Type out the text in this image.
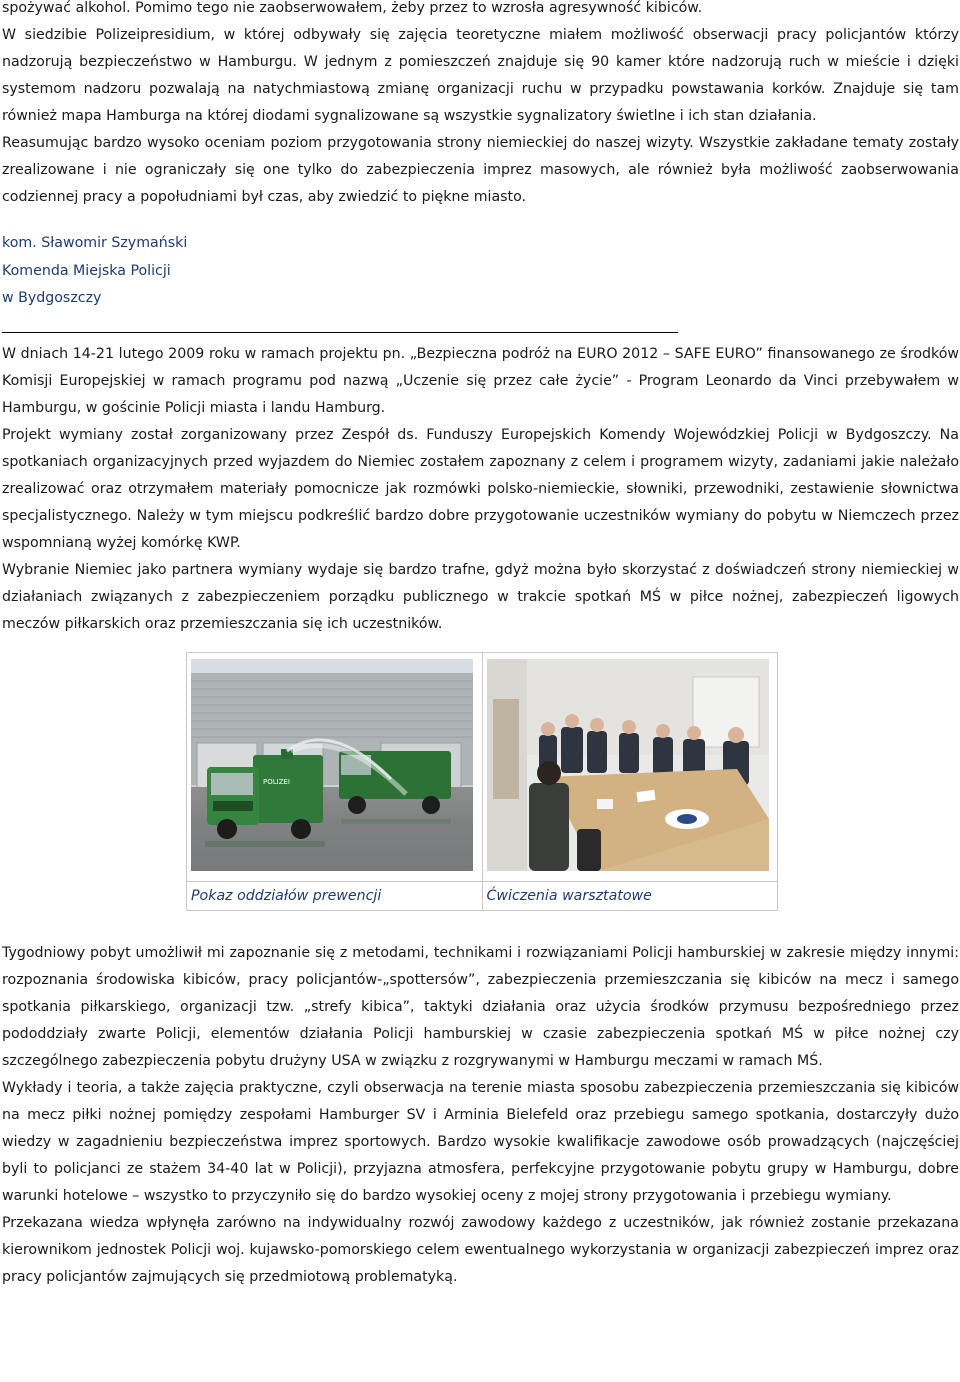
spożywać alkohol. Pomimo tego nie zaobserwowałem, żeby przez to wzrosła agresywność kibiców.

W siedzibie Polizeipresidium, w której odbywały się zajęcia teoretyczne miałem możliwość obserwacji pracy policjantów którzy nadzorują bezpieczeństwo w Hamburgu. W jednym z pomieszczeń znajduje się 90 kamer które nadzorują ruch w mieście i dzięki systemom nadzoru pozwalają na natychmiastową zmianę organizacji ruchu w przypadku powstawania korków. Znajduje się tam również mapa Hamburga na której diodami sygnalizowane są wszystkie sygnalizatory świetlne i ich stan działania.

Reasumując bardzo wysoko oceniam poziom przygotowania strony niemieckiej do naszej wizyty. Wszystkie zakładane tematy zostały zrealizowane i nie ograniczały się one tylko do zabezpieczenia imprez masowych, ale również była możliwość zaobserwowania codziennej pracy a popołudniami był czas, aby zwiedzić to piękne miasto.

kom. Sławomir Szymański
Komenda Miejska Policji
w Bydgoszczy

W dniach 14-21 lutego 2009 roku w ramach projektu pn. „Bezpieczna podróż na EURO 2012 – SAFE EURO” finansowanego ze środków Komisji Europejskiej w ramach programu pod nazwą „Uczenie się przez całe życie” - Program Leonardo da Vinci przebywałem w Hamburgu, w gościnie Policji miasta i landu Hamburg.

Projekt wymiany został zorganizowany przez Zespół ds. Funduszy Europejskich Komendy Wojewódzkiej Policji w Bydgoszczy. Na spotkaniach organizacyjnych przed wyjazdem do Niemiec zostałem zapoznany z celem i programem wizyty, zadaniami jakie należało zrealizować oraz otrzymałem materiały pomocnicze jak rozmówki polsko-niemieckie, słowniki, przewodniki, zestawienie słownictwa specjalistycznego. Należy w tym miejscu podkreślić bardzo dobre przygotowanie uczestników wymiany do pobytu w Niemczech przez wspomnianą wyżej komórkę KWP.

Wybranie Niemiec jako partnera wymiany wydaje się bardzo trafne, gdyż można było skorzystać z doświadczeń strony niemieckiej w działaniach związanych z zabezpieczeniem porządku publicznego w trakcie spotkań MŚ w piłce nożnej, zabezpieczeń ligowych meczów piłkarskich oraz przemieszczania się ich uczestników.

POLIZEI

Pokaz oddziałów prewencji	Ćwiczenia warsztatowe

Tygodniowy pobyt umożliwił mi zapoznanie się z metodami, technikami i rozwiązaniami Policji hamburskiej w zakresie między innymi: rozpoznania środowiska kibiców, pracy policjantów-„spottersów”, zabezpieczenia przemieszczania się kibiców na mecz i samego spotkania piłkarskiego, organizacji tzw. „strefy kibica”, taktyki działania oraz użycia środków przymusu bezpośredniego przez pododdziały zwarte Policji, elementów działania Policji hamburskiej w czasie zabezpieczenia spotkań MŚ w piłce nożnej czy szczególnego zabezpieczenia pobytu drużyny USA w związku z rozgrywanymi w Hamburgu meczami w ramach MŚ.

Wykłady i teoria, a także zajęcia praktyczne, czyli obserwacja na terenie miasta sposobu zabezpieczenia przemieszczania się kibiców na mecz piłki nożnej pomiędzy zespołami Hamburger SV i Arminia Bielefeld oraz przebiegu samego spotkania, dostarczyły dużo wiedzy w zagadnieniu bezpieczeństwa imprez sportowych. Bardzo wysokie kwalifikacje zawodowe osób prowadzących (najczęściej byli to policjanci ze stażem 34-40 lat w Policji), przyjazna atmosfera, perfekcyjne przygotowanie pobytu grupy w Hamburgu, dobre warunki hotelowe – wszystko to przyczyniło się do bardzo wysokiej oceny z mojej strony przygotowania i przebiegu wymiany.

Przekazana wiedza wpłynęła zarówno na indywidualny rozwój zawodowy każdego z uczestników, jak również zostanie przekazana kierownikom jednostek Policji woj. kujawsko-pomorskiego celem ewentualnego wykorzystania w organizacji zabezpieczeń imprez oraz pracy policjantów zajmujących się przedmiotową problematyką.
